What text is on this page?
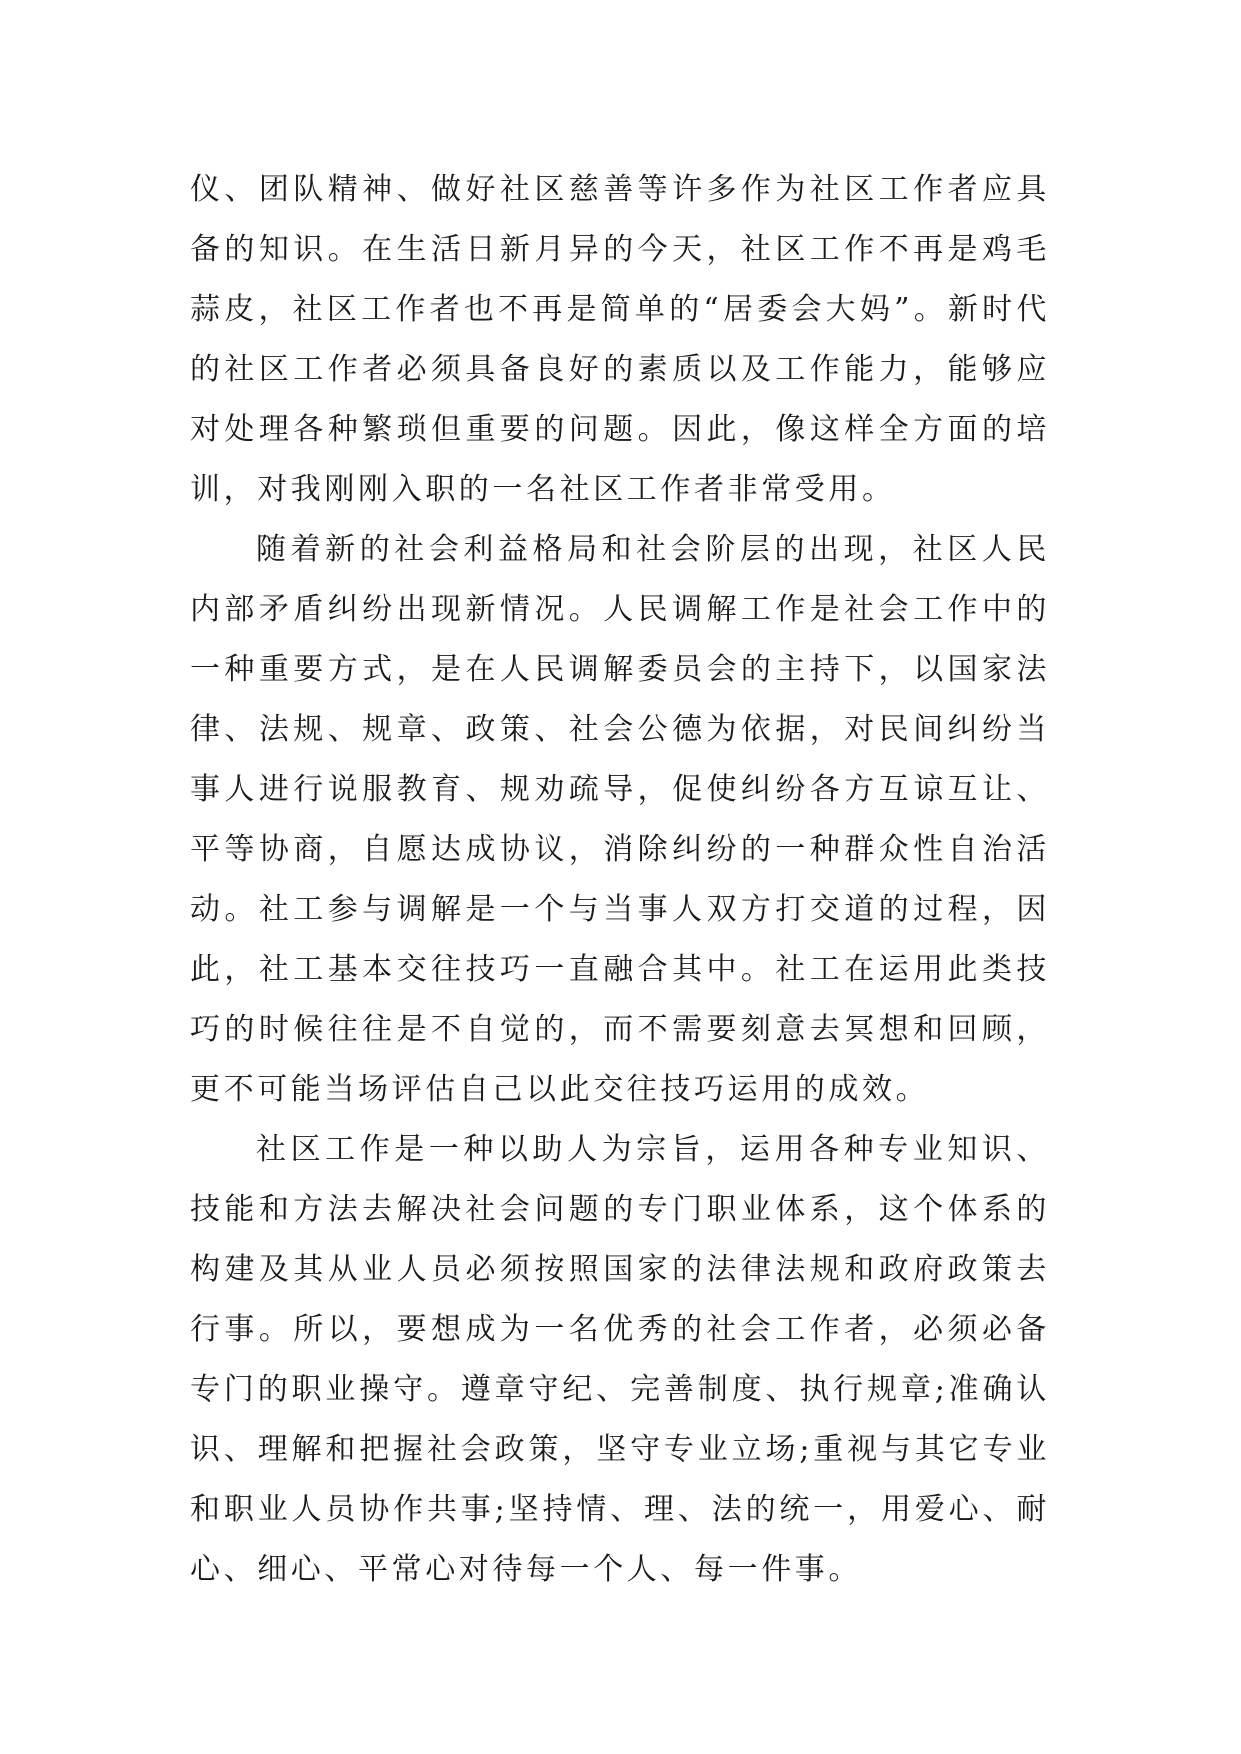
仪、团队精神、做好社区慈善等许多作为社区工作者应具备的知识。在生活日新月异的今天，社区工作不再是鸡毛蒜皮，社区工作者也不再是简单的“居委会大妈”。新时代的社区工作者必须具备良好的素质以及工作能力，能够应对处理各种繁琐但重要的问题。因此，像这样全方面的培训，对我刚刚入职的一名社区工作者非常受用。

随着新的社会利益格局和社会阶层的出现，社区人民内部矛盾纠纷出现新情况。人民调解工作是社会工作中的一种重要方式，是在人民调解委员会的主持下，以国家法律、法规、规章、政策、社会公德为依据，对民间纠纷当事人进行说服教育、规劝疏导，促使纠纷各方互谅互让、平等协商，自愿达成协议，消除纠纷的一种群众性自治活动。社工参与调解是一个与当事人双方打交道的过程，因此，社工基本交往技巧一直融合其中。社工在运用此类技巧的时候往往是不自觉的，而不需要刻意去冥想和回顾，更不可能当场评估自己以此交往技巧运用的成效。

社区工作是一种以助人为宗旨，运用各种专业知识、技能和方法去解决社会问题的专门职业体系，这个体系的构建及其从业人员必须按照国家的法律法规和政府政策去行事。所以，要想成为一名优秀的社会工作者，必须必备专门的职业操守。遵章守纪、完善制度、执行规章;准确认识、理解和把握社会政策，坚守专业立场;重视与其它专业和职业人员协作共事;坚持情、理、法的统一，用爱心、耐心、细心、平常心对待每一个人、每一件事。
